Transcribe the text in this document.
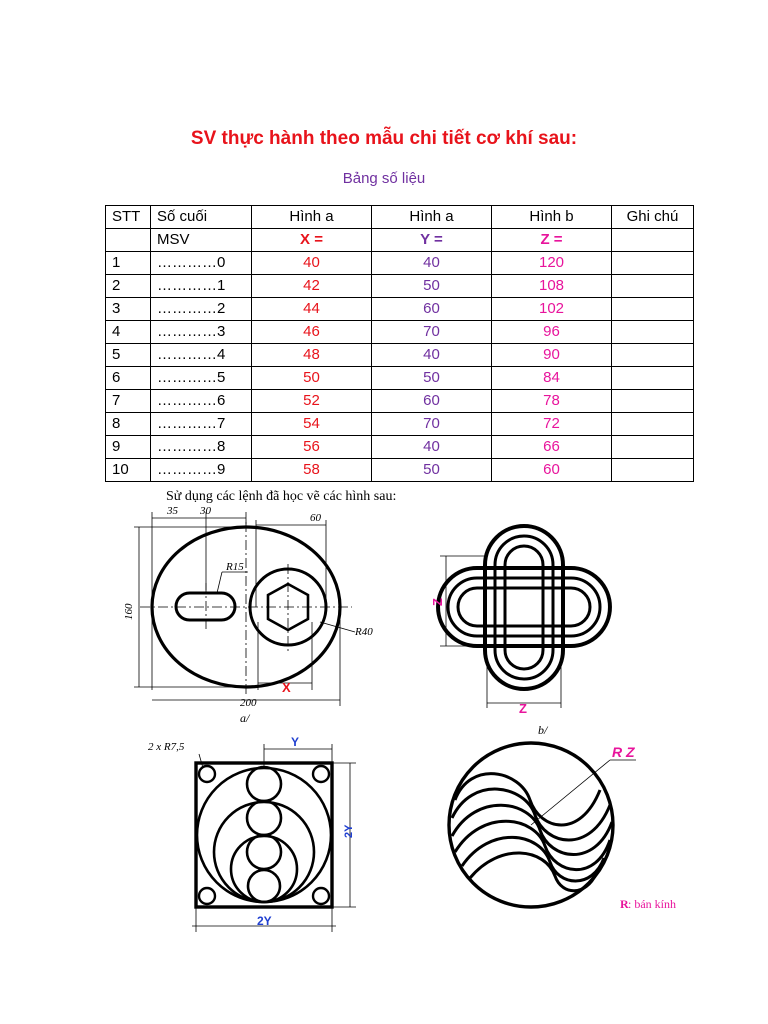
SV thực hành theo mẫu chi tiết cơ khí sau:
Bảng số liệu
STT	Số cuối	Hình a	Hình a	Hình b	Ghi chú
	MSV	X =	Y =	Z =	
1	…………0	40	40	120	
2	…………1	42	50	108	
3	…………2	44	60	102	
4	…………3	46	70	96	
5	…………4	48	40	90	
6	…………5	50	50	84	
7	…………6	52	60	78	
8	…………7	54	70	72	
9	…………8	56	40	66	
10	…………9	58	50	60	
Sử dụng các lệnh đã học vẽ các hình sau:
35 30
60
160
200
R15
R40
X
a/
Z
Z
b/
2 x R7,5	Y
2Y
2Y
R Z
R : bán kính
